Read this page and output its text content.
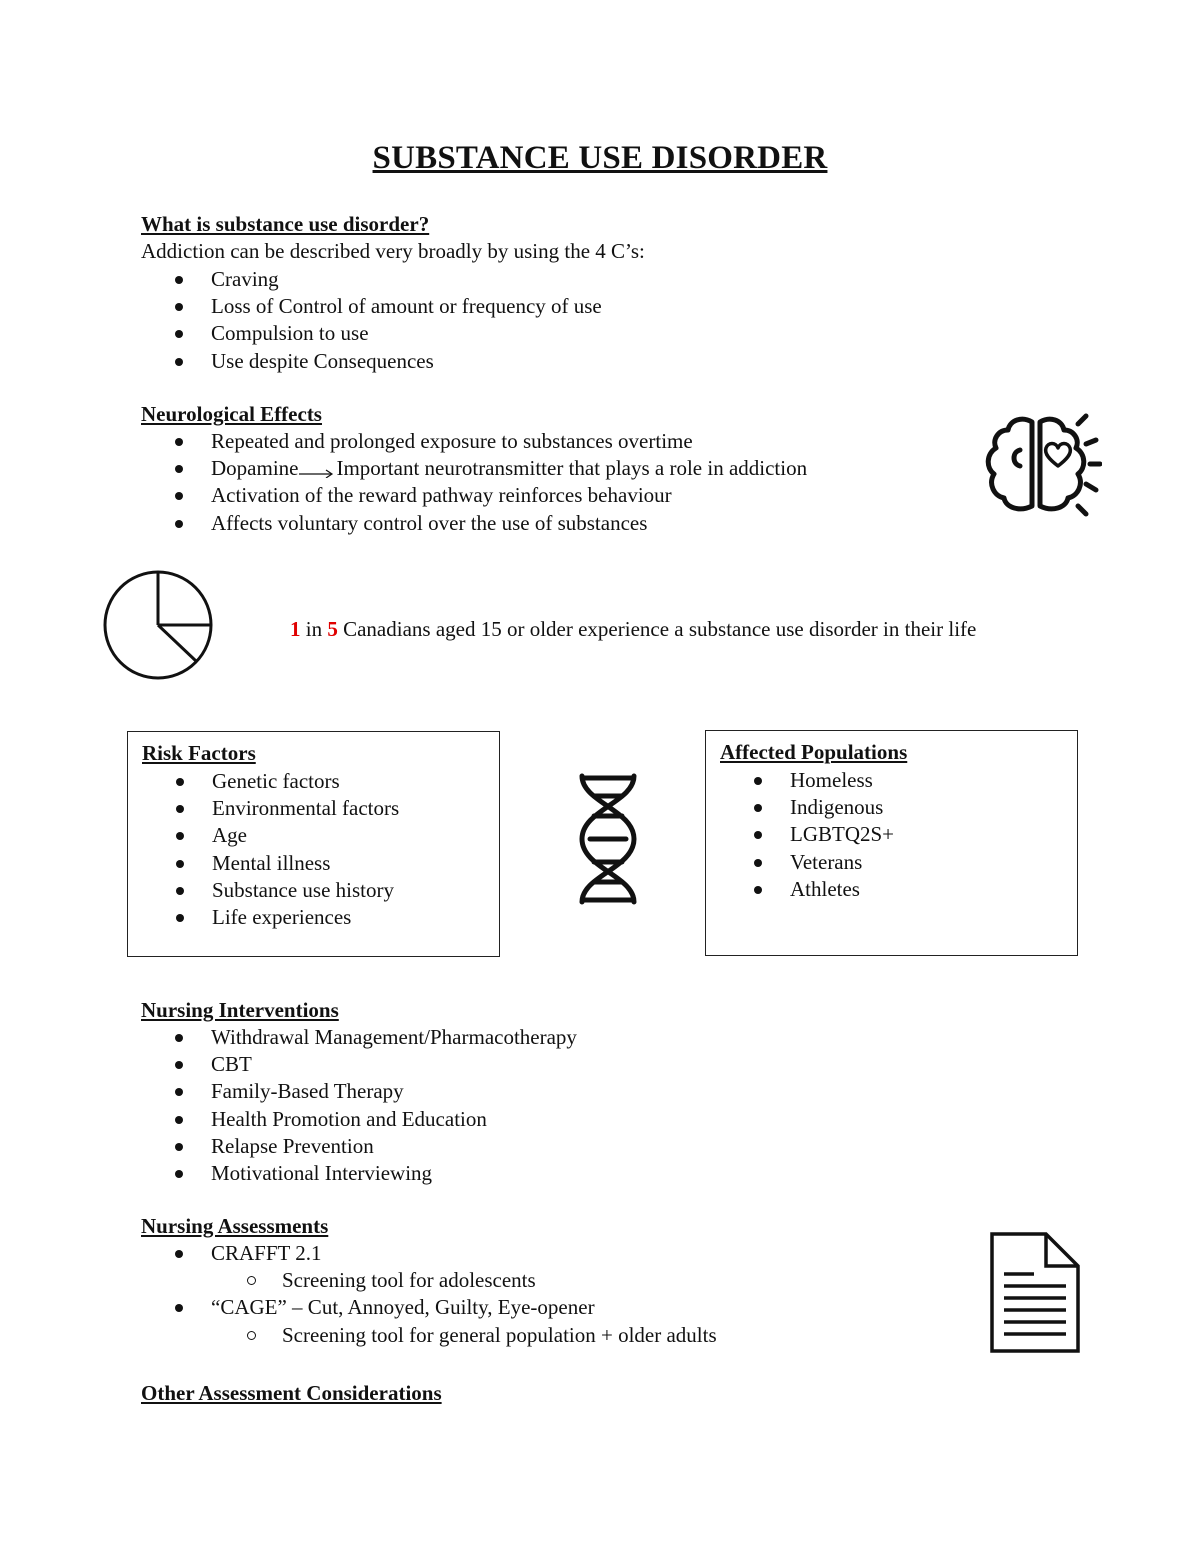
SUBSTANCE USE DISORDER
What is substance use disorder?
Addiction can be described very broadly by using the 4 C’s:
Craving
Loss of Control of amount or frequency of use
Compulsion to use
Use despite Consequences
Neurological Effects
Repeated and prolonged exposure to substances overtime
Dopamine Important neurotransmitter that plays a role in addiction
Activation of the reward pathway reinforces behaviour
Affects voluntary control over the use of substances
1 in 5 Canadians aged 15 or older experience a substance use disorder in their life
Risk Factors
Genetic factors
Environmental factors
Age
Mental illness
Substance use history
Life experiences
Affected Populations
Homeless
Indigenous
LGBTQ2S+
Veterans
Athletes
Nursing Interventions
Withdrawal Management/Pharmacotherapy
CBT
Family-Based Therapy
Health Promotion and Education
Relapse Prevention
Motivational Interviewing
Nursing Assessments
CRAFFT 2.1
Screening tool for adolescents
“CAGE” – Cut, Annoyed, Guilty, Eye-opener
Screening tool for general population + older adults
Other Assessment Considerations
